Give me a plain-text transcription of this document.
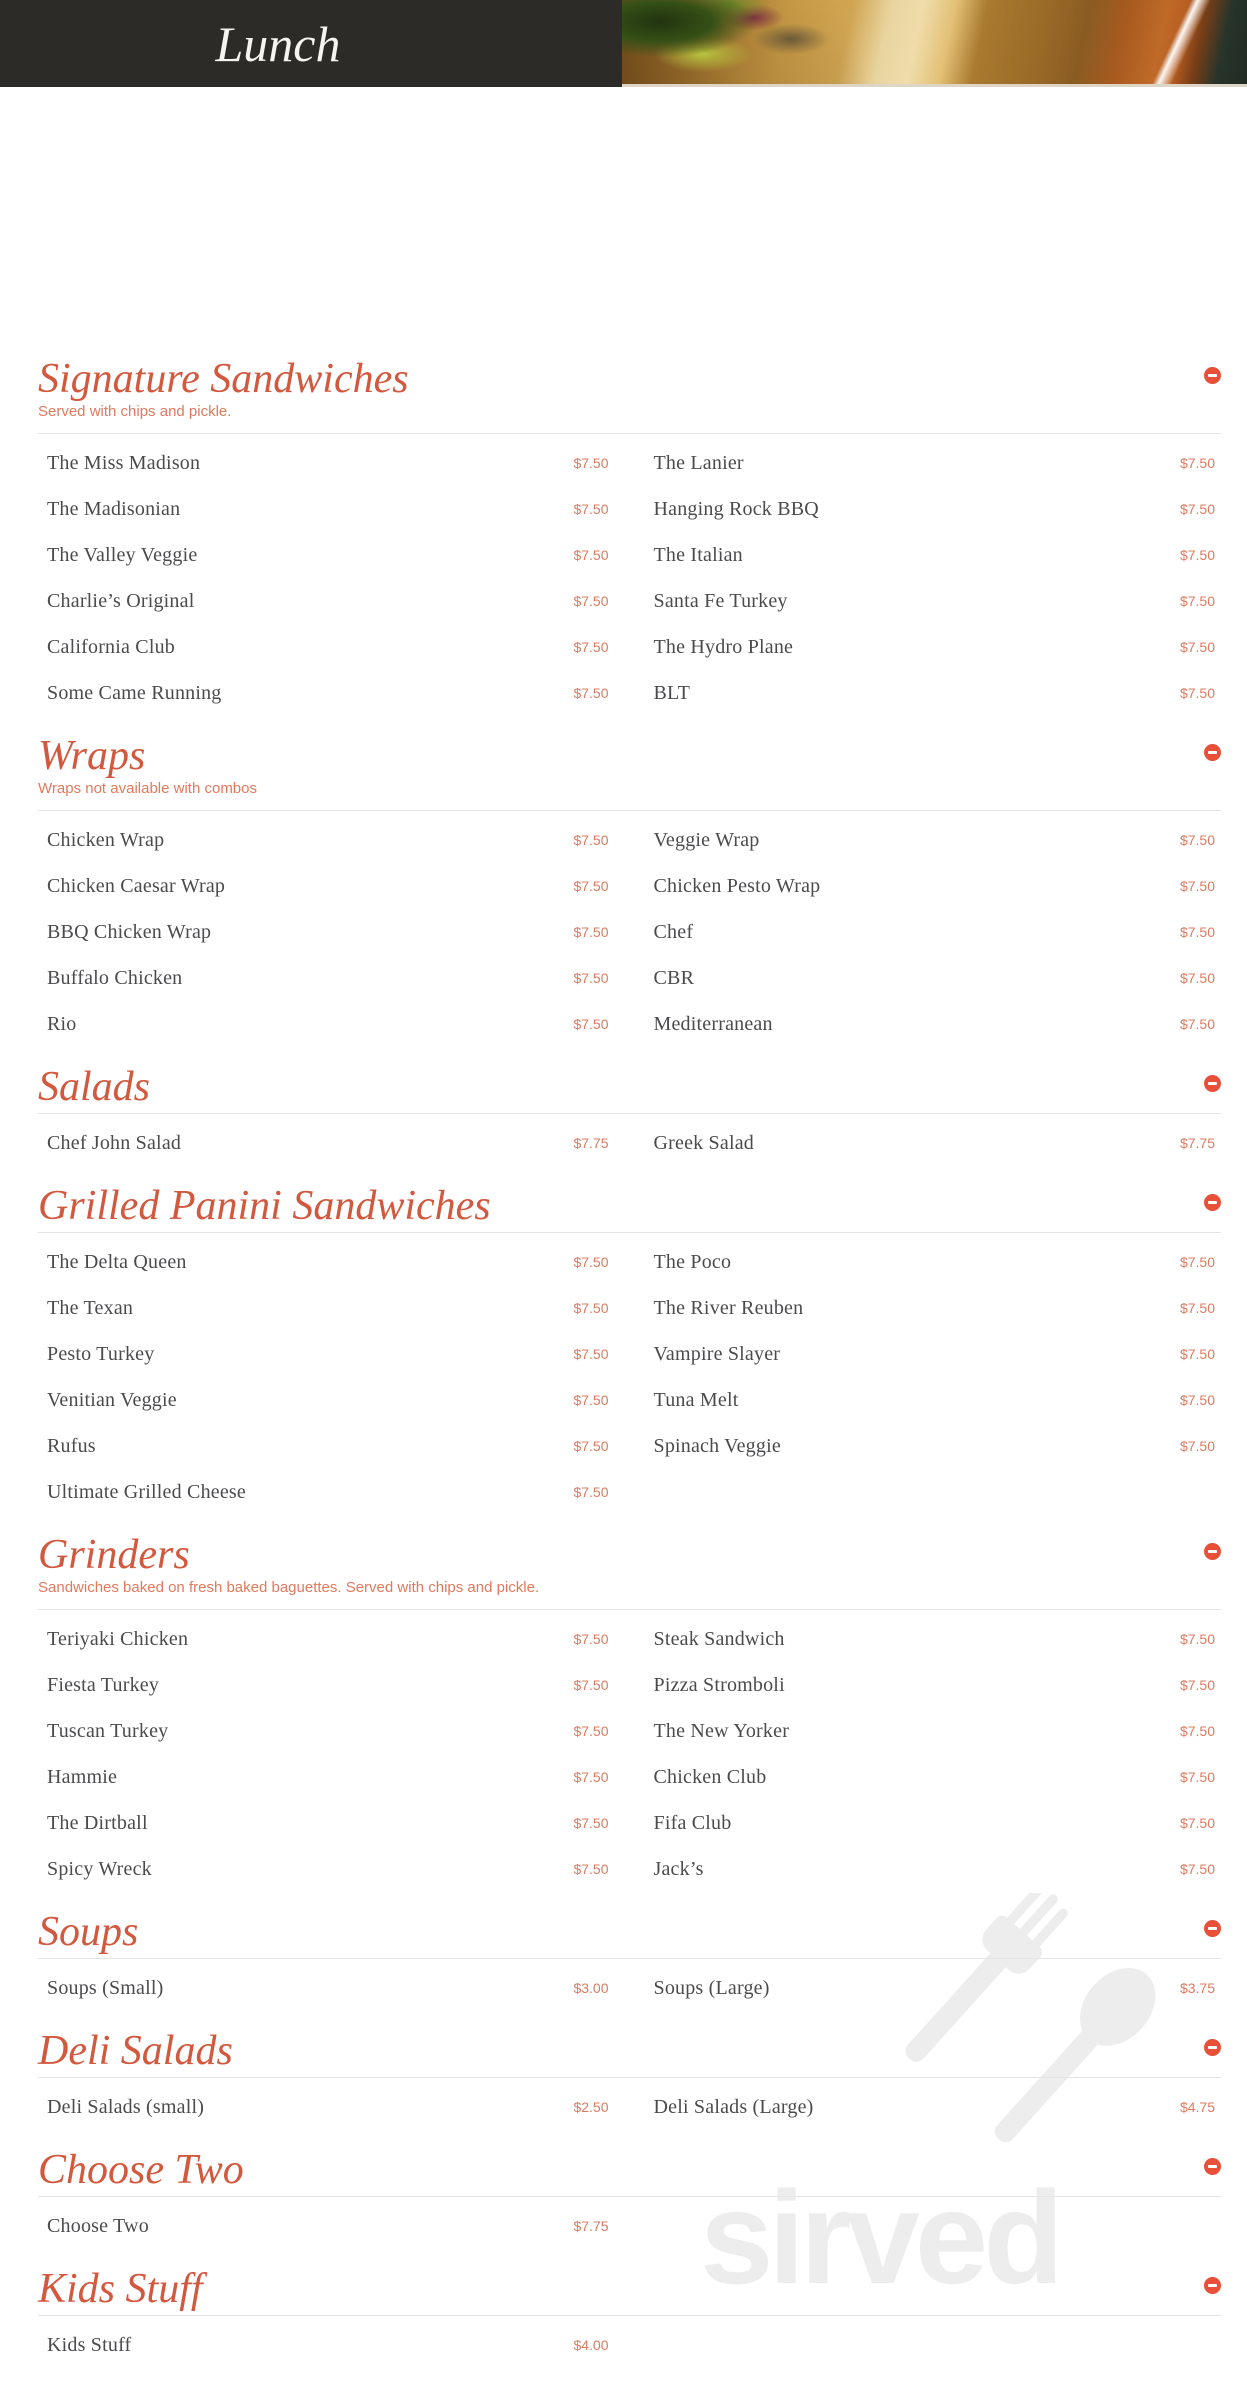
Lunch
sirved
Signature Sandwiches

Served with chips and pickle.

The Miss Madison	$7.50
The Madisonian	$7.50
The Valley Veggie	$7.50
Charlie’s Original	$7.50
California Club	$7.50
Some Came Running	$7.50
The Lanier	$7.50
Hanging Rock BBQ	$7.50
The Italian	$7.50
Santa Fe Turkey	$7.50
The Hydro Plane	$7.50
BLT	$7.50
Wraps

Wraps not available with combos

Chicken Wrap	$7.50
Chicken Caesar Wrap	$7.50
BBQ Chicken Wrap	$7.50
Buffalo Chicken	$7.50
Rio	$7.50
Veggie Wrap	$7.50
Chicken Pesto Wrap	$7.50
Chef	$7.50
CBR	$7.50
Mediterranean	$7.50
Salads
Chef John Salad	$7.75 Greek Salad	$7.75
Grilled Panini Sandwiches
The Delta Queen	$7.50
The Texan	$7.50
Pesto Turkey	$7.50
Venitian Veggie	$7.50
Rufus	$7.50
Ultimate Grilled Cheese	$7.50
The Poco	$7.50
The River Reuben	$7.50
Vampire Slayer	$7.50
Tuna Melt	$7.50
Spinach Veggie	$7.50
Grinders

Sandwiches baked on fresh baked baguettes. Served with chips and pickle.

Teriyaki Chicken	$7.50
Fiesta Turkey	$7.50
Tuscan Turkey	$7.50
Hammie	$7.50
The Dirtball	$7.50
Spicy Wreck	$7.50
Steak Sandwich	$7.50
Pizza Stromboli	$7.50
The New Yorker	$7.50
Chicken Club	$7.50
Fifa Club	$7.50
Jack’s	$7.50
Soups
Soups (Small)	$3.00 Soups (Large)	$3.75
Deli Salads
Deli Salads (small)	$2.50 Deli Salads (Large)	$4.75
Choose Two
Choose Two	$7.75
Kids Stuff
Kids Stuff	$4.00
